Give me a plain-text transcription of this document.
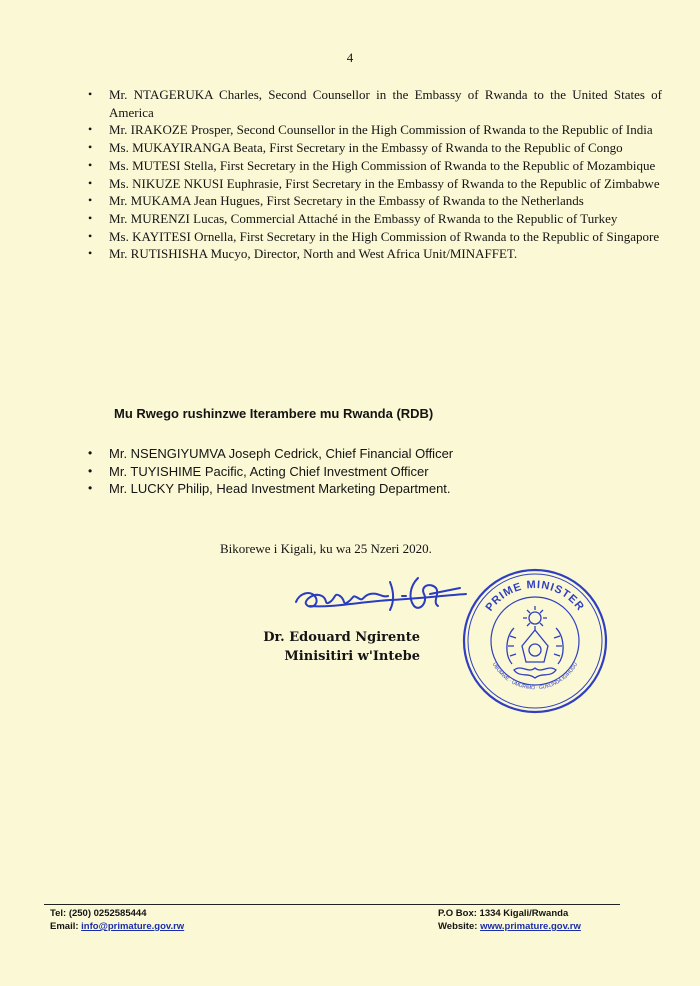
4
• Mr. NTAGERUKA Charles, Second Counsellor in the Embassy of Rwanda to the United States of America
• Mr. IRAKOZE Prosper, Second Counsellor in the High Commission of Rwanda to the Republic of India
• Ms. MUKAYIRANGA Beata, First Secretary in the Embassy of Rwanda to the Republic of Congo
• Ms. MUTESI Stella, First Secretary in the High Commission of Rwanda to the Republic of Mozambique
• Ms. NIKUZE NKUSI Euphrasie, First Secretary in the Embassy of Rwanda to the Republic of Zimbabwe
• Mr. MUKAMA Jean Hugues, First Secretary in the Embassy of Rwanda to the Netherlands
• Mr. MURENZI Lucas, Commercial Attaché in the Embassy of Rwanda to the Republic of Turkey
• Ms. KAYITESI Ornella, First Secretary in the High Commission of Rwanda to the Republic of Singapore
• Mr. RUTISHISHA Mucyo, Director, North and West Africa Unit/MINAFFET.
Mu Rwego rushinzwe Iterambere mu Rwanda (RDB)
• Mr. NSENGIYUMVA Joseph Cedrick, Chief Financial Officer
• Mr. TUYISHIME Pacific, Acting Chief Investment Officer
• Mr. LUCKY Philip, Head Investment Marketing Department.
Bikorewe i Kigali, ku wa 25 Nzeri 2020.
Dr. Edouard Ngirente
Minisitiri w'Intebe
PRIME MINISTER
UBUMWE · UMURIMO · GUKUNDA IGIHUGU
Tel: (250) 0252585444
Email: info@primature.gov.rw
P.O Box: 1334 Kigali/Rwanda
Website: www.primature.gov.rw
